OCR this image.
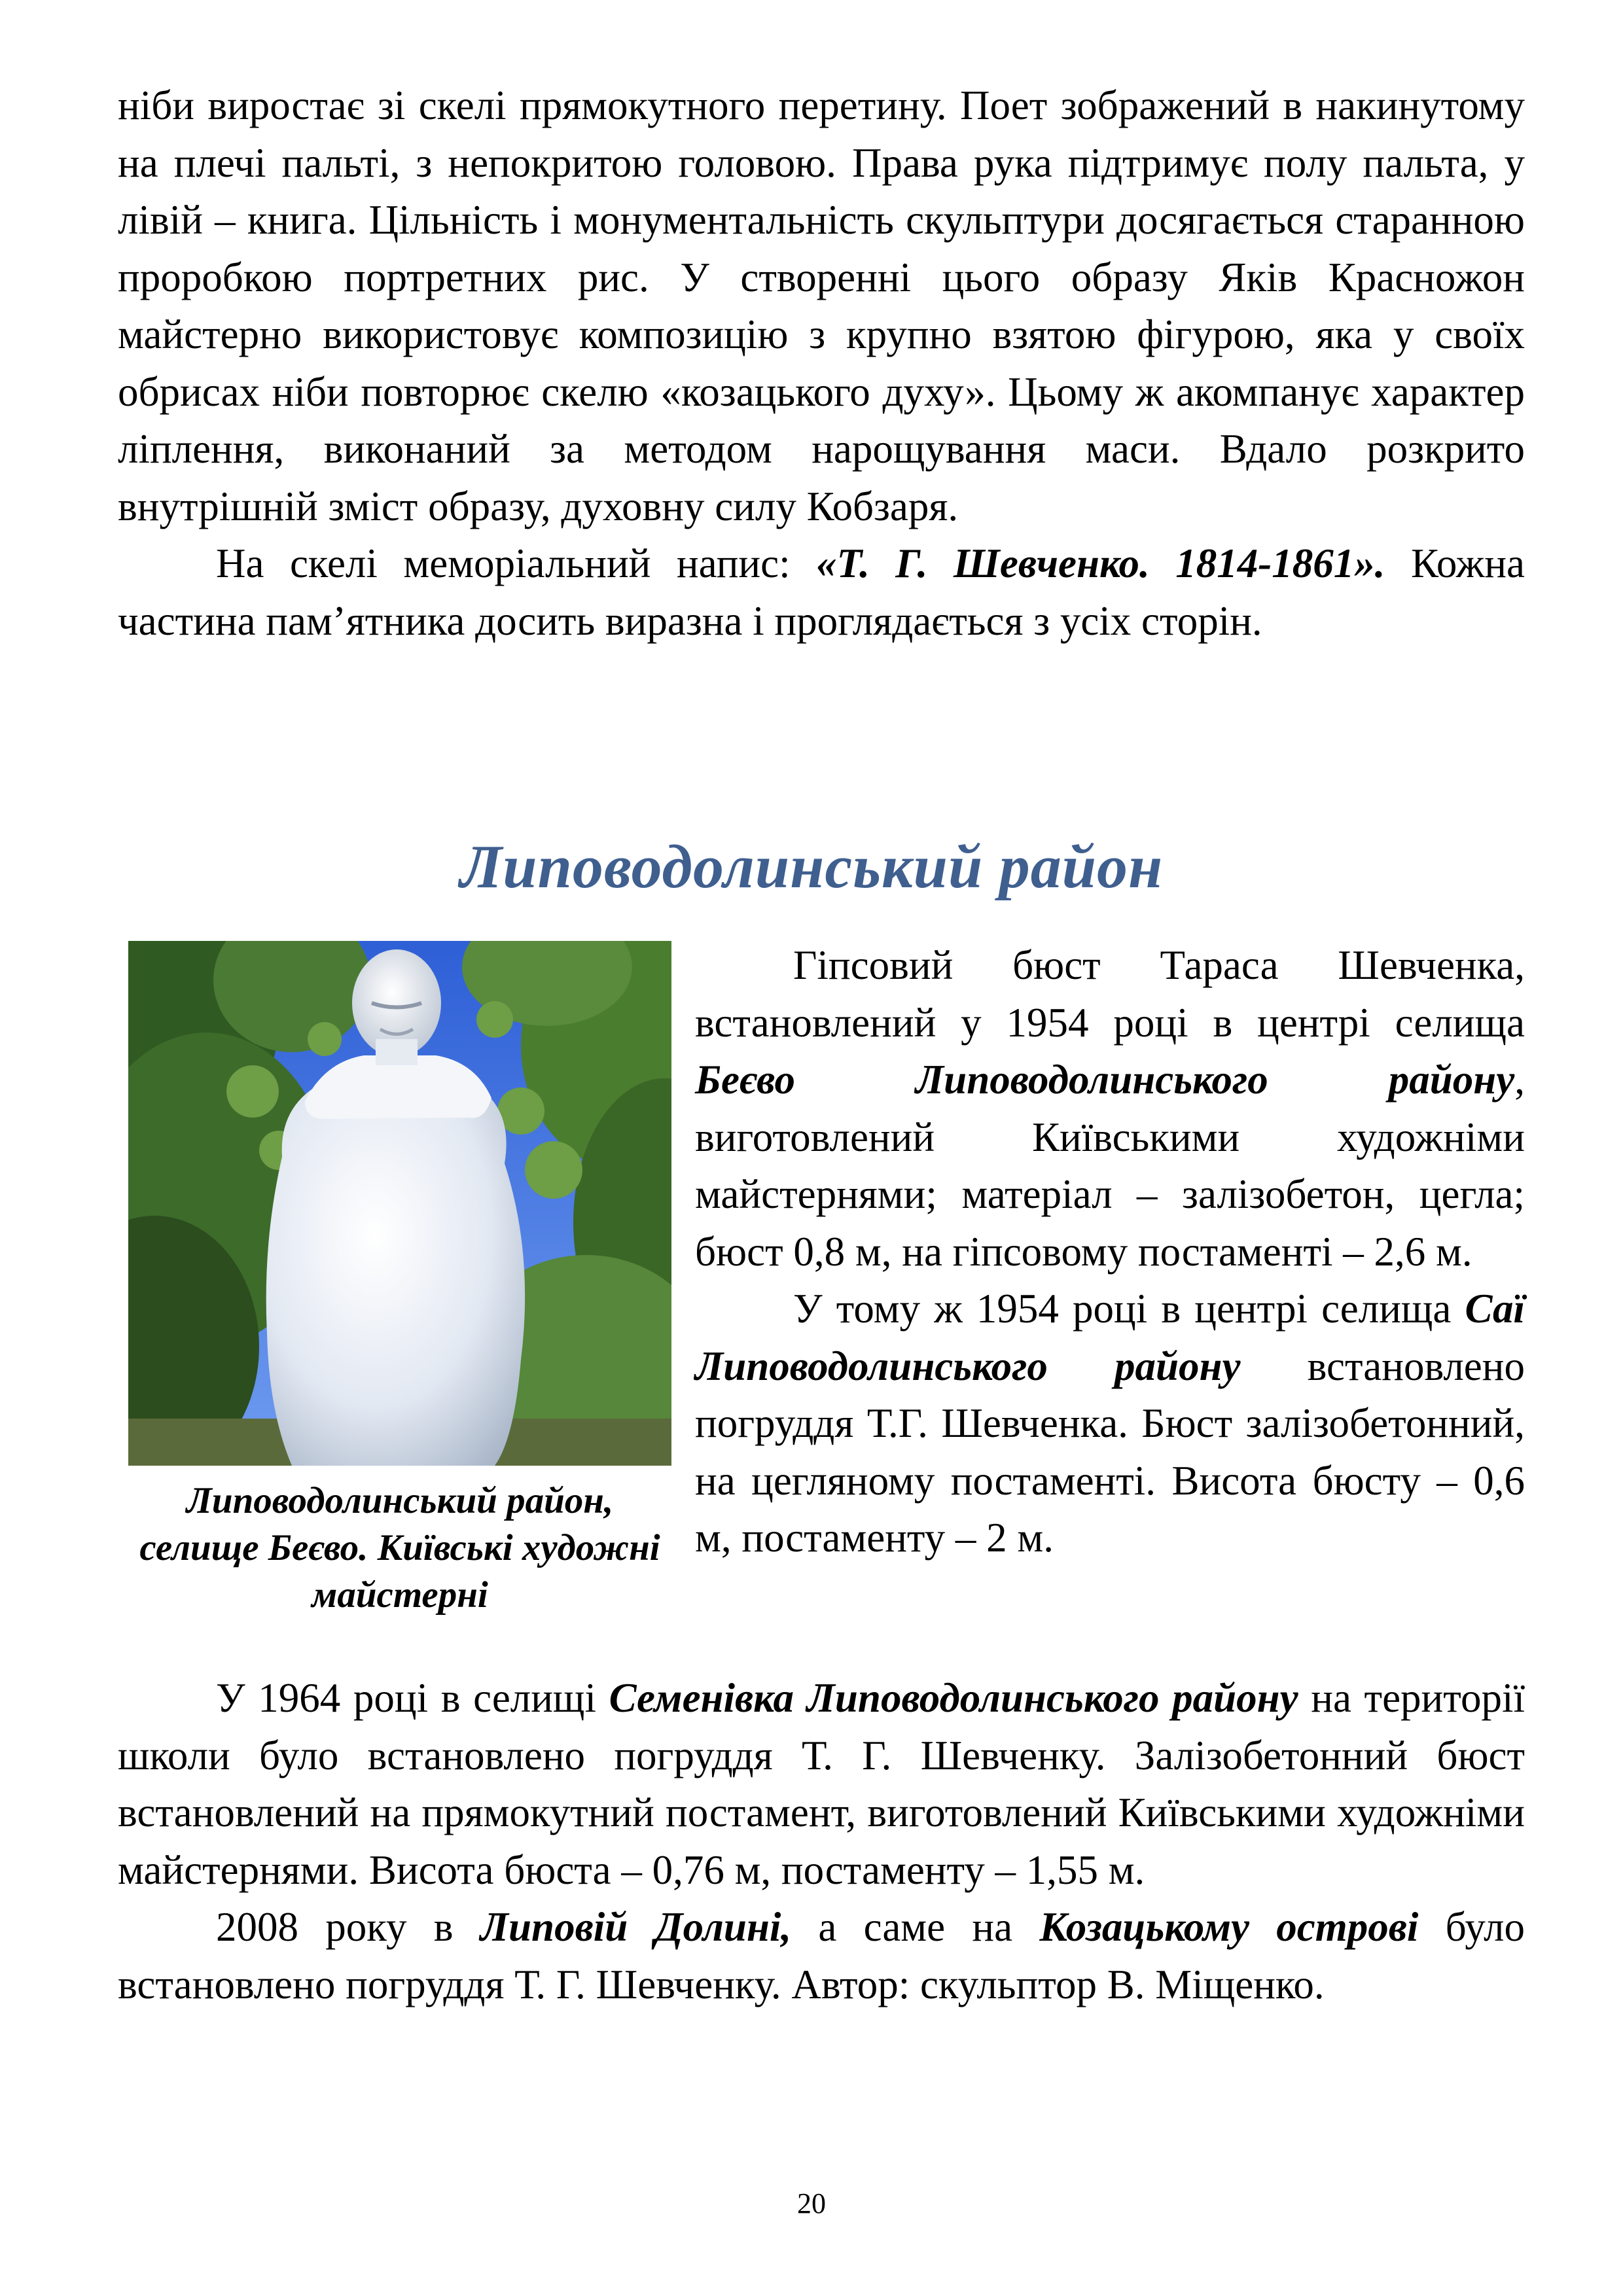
ніби виростає зі скелі прямокутного перетину. Поет зображений в накинутому на плечі пальті, з непокритою головою. Права рука підтримує полу пальта, у лівій – книга. Цільність і монументальність скульптури досягається старанною проробкою портретних рис. У створенні цього образу Яків Красножон майстерно використовує композицію з крупно взятою фігурою, яка у своїх обрисах ніби повторює скелю «козацького духу». Цьому ж акомпанує характер ліплення, виконаний за методом нарощування маси. Вдало розкрито внутрішній зміст образу, духовну силу Кобзаря.

На скелі меморіальний напис: «Т. Г. Шевченко. 1814-1861». Кожна частина пам’ятника досить виразна і проглядається з усіх сторін.

Липоводолинський район
Липоводолинський район, селище Беєво. Київські художні майстерні

Гіпсовий бюст Тараса Шевченка, встановлений у 1954 році в центрі селища Беєво Липоводолинського району, виготовлений Київськими художніми майстернями; матеріал – залізобетон, цегла; бюст 0,8 м, на гіпсовому постаменті – 2,6 м.

У тому ж 1954 році в центрі селища Саї Липоводолинського району встановлено погруддя Т.Г. Шевченка. Бюст залізобетонний, на цегляному постаменті. Висота бюсту – 0,6 м, постаменту – 2 м.

У 1964 році в селищі Семенівка Липоводолинського району на території школи було встановлено погруддя Т. Г. Шевченку. Залізобетонний бюст встановлений на прямокутний постамент, виготовлений Київськими художніми майстернями. Висота бюста – 0,76 м, постаменту – 1,55 м.

2008 року в Липовій Долині, а саме на Козацькому острові було встановлено погруддя Т. Г. Шевченку. Автор: скульптор В. Міщенко.

20
